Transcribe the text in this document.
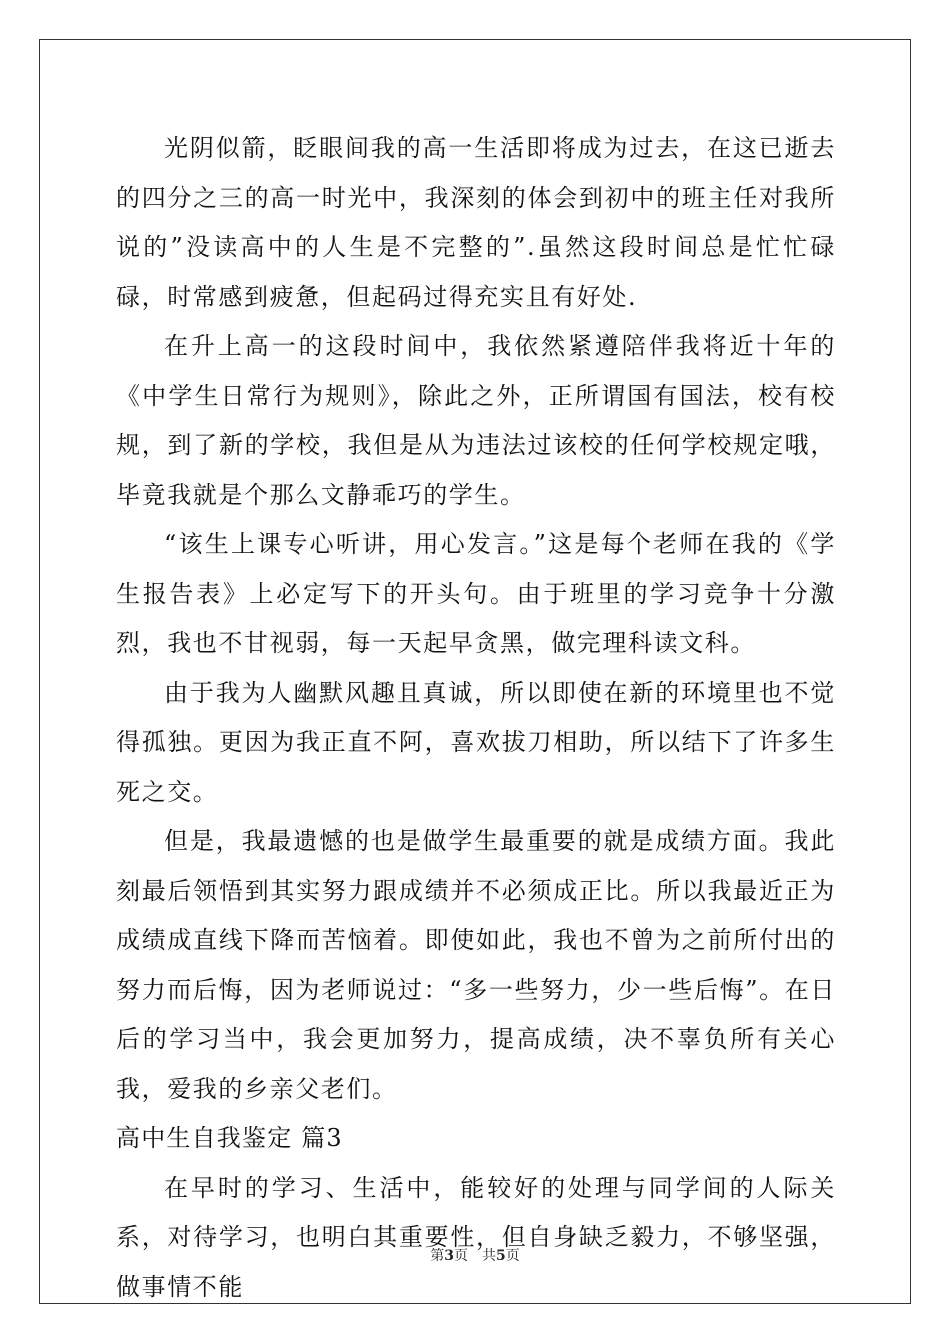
光阴似箭，眨眼间我的高一生活即将成为过去，在这已逝去的四分之三的高一时光中，我深刻的体会到初中的班主任对我所说的”没读高中的人生是不完整的”.虽然这段时间总是忙忙碌碌，时常感到疲惫，但起码过得充实且有好处.

在升上高一的这段时间中，我依然紧遵陪伴我将近十年的《中学生日常行为规则》，除此之外，正所谓国有国法，校有校规，到了新的学校，我但是从为违法过该校的任何学校规定哦，毕竟我就是个那么文静乖巧的学生。

“该生上课专心听讲，用心发言。”这是每个老师在我的《学生报告表》上必定写下的开头句。由于班里的学习竞争十分激烈，我也不甘视弱，每一天起早贪黑，做完理科读文科。

由于我为人幽默风趣且真诚，所以即使在新的环境里也不觉得孤独。更因为我正直不阿，喜欢拔刀相助，所以结下了许多生死之交。

但是，我最遗憾的也是做学生最重要的就是成绩方面。我此刻最后领悟到其实努力跟成绩并不必须成正比。所以我最近正为成绩成直线下降而苦恼着。即使如此，我也不曾为之前所付出的努力而后悔，因为老师说过：“多一些努力，少一些后悔”。在日后的学习当中，我会更加努力，提高成绩，决不辜负所有关心我，爱我的乡亲父老们。

高中生自我鉴定 篇3

在早时的学习、生活中，能较好的处理与同学间的人际关系，对待学习，也明白其重要性，但自身缺乏毅力，不够坚强，做事情不能

第3页 共5页
